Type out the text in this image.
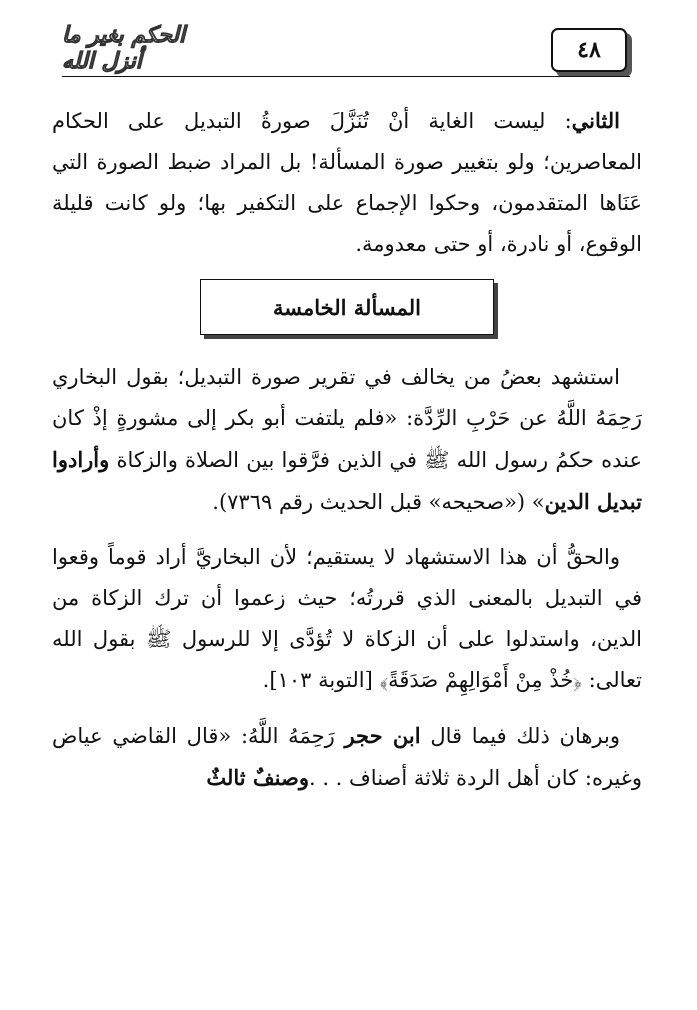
٤٨
الحكم بغير ما أنزل الله

الثاني: ليست الغاية أنْ تُنَزَّلَ صورةُ التبديل على الحكام المعاصرين؛ ولو بتغيير صورة المسألة! بل المراد ضبط الصورة التي عَنَاها المتقدمون، وحكوا الإجماع على التكفير بها؛ ولو كانت قليلة الوقوع، أو نادرة، أو حتى معدومة.

المسألة الخامسة

استشهد بعضُ من يخالف في تقرير صورة التبديل؛ بقول البخاري رَحِمَهُ اللَّهُ عن حَرْبِ الرِّدَّة: «فلم يلتفت أبو بكر إلى مشورةٍ إذْ كان عنده حكمُ رسول الله ﷺ في الذين فرَّقوا بين الصلاة والزكاة وأرادوا تبديل الدين» («صحيحه» قبل الحديث رقم ٧٣٦٩).

والحقُّ أن هذا الاستشهاد لا يستقيم؛ لأن البخاريَّ أراد قوماً وقعوا في التبديل بالمعنى الذي قررتُه؛ حيث زعموا أن ترك الزكاة من الدين، واستدلوا على أن الزكاة لا تُؤدَّى إلا للرسول ﷺ بقول الله تعالى: ﴿خُذْ مِنْ أَمْوَالِهِمْ صَدَقَةً﴾ [التوبة ١٠٣].

وبرهان ذلك فيما قال ابن حجر رَحِمَهُ اللَّهُ: «قال القاضي عياض وغيره: كان أهل الردة ثلاثة أصناف . . .وصنفٌ ثالثٌ
